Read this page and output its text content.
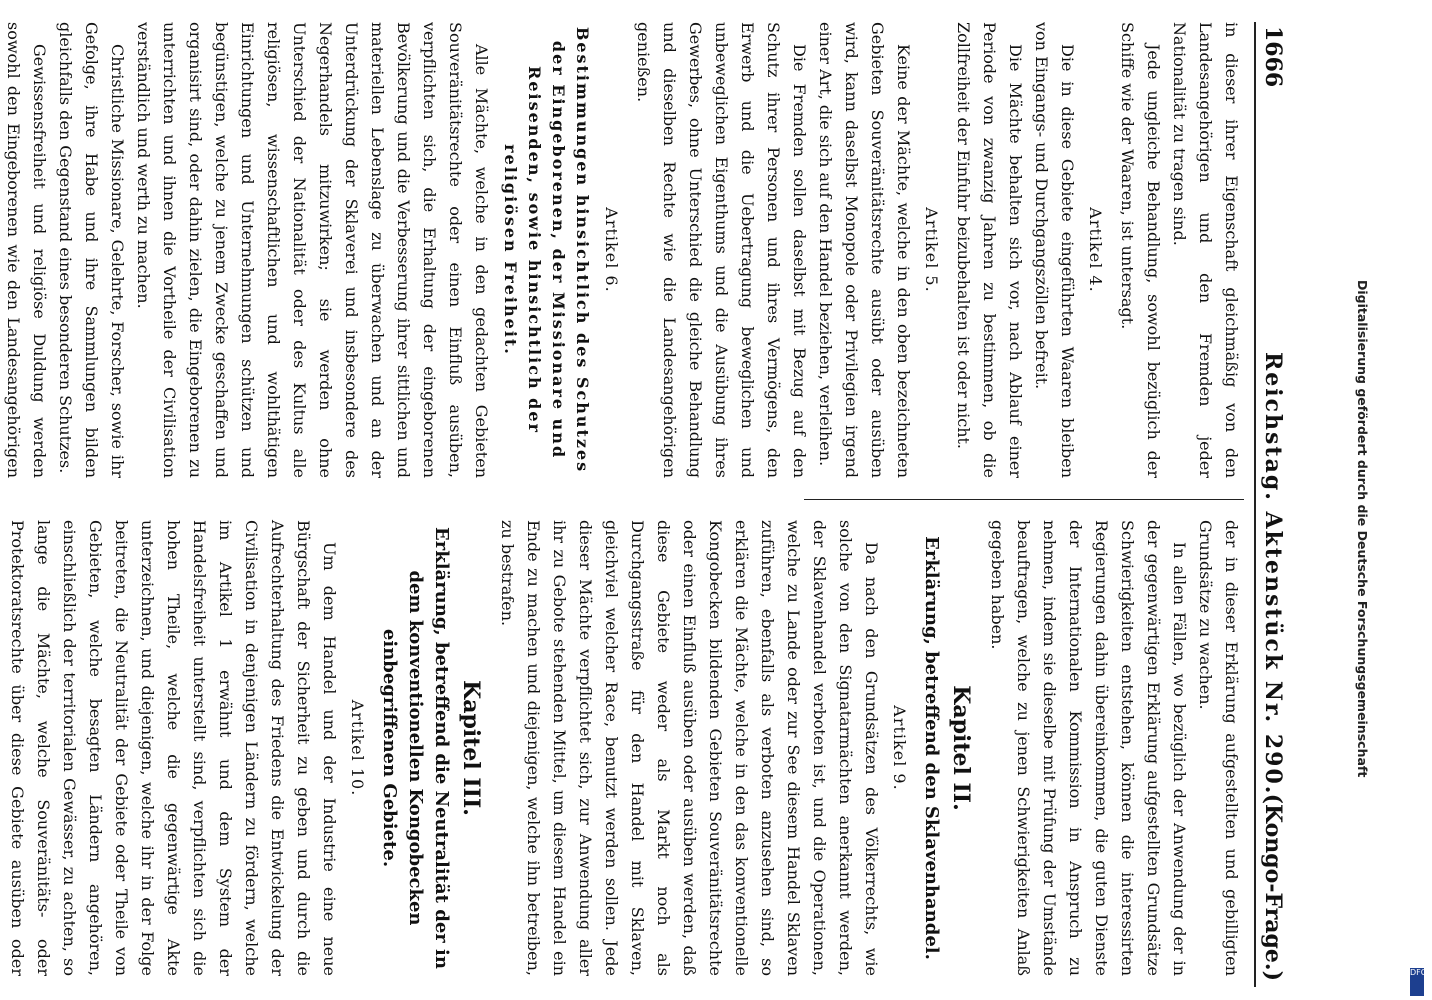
1666
Reichstag. Aktenstück Nr. 290.
(Kongo-Frage.)

in dieser ihrer Eigenschaft gleichmäßig von den Landesangehörigen und den Fremden jeder Nationalität zu tragen sind.

Jede ungleiche Behandlung, sowohl bezüglich der Schiffe wie der Waaren, ist untersagt.

Artikel 4.

Die in diese Gebiete eingeführten Waaren bleiben von Eingangs- und Durchgangszöllen befreit.

Die Mächte behalten sich vor, nach Ablauf einer Periode von zwanzig Jahren zu bestimmen, ob die Zollfreiheit der Einfuhr beizubehalten ist oder nicht.

Artikel 5.

Keine der Mächte, welche in den oben bezeichneten Gebieten Souveränitätsrechte ausübt oder ausüben wird, kann daselbst Monopole oder Privilegien irgend einer Art, die sich auf den Handel beziehen, verleihen.

Die Fremden sollen daselbst mit Bezug auf den Schutz ihrer Personen und ihres Vermögens, den Erwerb und die Uebertragung beweglichen und unbeweglichen Eigenthums und die Ausübung ihres Gewerbes, ohne Unterschied die gleiche Behandlung und dieselben Rechte wie die Landesangehörigen genießen.

Artikel 6.
Bestimmungen hinsichtlich des Schutzes der Eingeborenen, der Missionare und Reisenden, sowie hinsichtlich der religiösen Freiheit.

Alle Mächte, welche in den gedachten Gebieten Souveränitätsrechte oder einen Einfluß ausüben, verpflichten sich, die Erhaltung der eingeborenen Bevölkerung und die Verbesserung ihrer sittlichen und materiellen Lebenslage zu überwachen und an der Unterdrückung der Sklaverei und insbesondere des Negerhandels mitzuwirken; sie werden ohne Unterschied der Nationalität oder des Kultus alle religiösen, wissenschaftlichen und wohlthätigen Einrichtungen und Unternehmungen schützen und begünstigen, welche zu jenem Zwecke geschaffen und organisirt sind, oder dahin zielen, die Eingeborenen zu unterrichten und ihnen die Vortheile der Civilisation verständlich und werth zu machen.

Christliche Missionare, Gelehrte, Forscher, sowie ihr Gefolge, ihre Habe und ihre Sammlungen bilden gleichfalls den Gegenstand eines besonderen Schutzes.

Gewissensfreiheit und religiöse Duldung werden sowohl den Eingeborenen wie den Landesangehörigen

der in dieser Erklärung aufgestellten und gebilligten Grundsätze zu wachen.

In allen Fällen, wo bezüglich der Anwendung der in der gegenwärtigen Erklärung aufgestellten Grundsätze Schwierigkeiten entstehen, können die interessirten Regierungen dahin übereinkommen, die guten Dienste der Internationalen Kommission in Anspruch zu nehmen, indem sie dieselbe mit Prüfung der Umstände beauftragen, welche zu jenen Schwierigkeiten Anlaß gegeben haben.

Kapitel II.
Erklärung, betreffend den Sklavenhandel.
Artikel 9.

Da nach den Grundsätzen des Völkerrechts, wie solche von den Signatarmächten anerkannt werden, der Sklavenhandel verboten ist, und die Operationen, welche zu Lande oder zur See diesem Handel Sklaven zuführen, ebenfalls als verboten anzusehen sind, so erklären die Mächte, welche in den das konventionelle Kongobecken bildenden Gebieten Souveränitätsrechte oder einen Einfluß ausüben oder ausüben werden, daß diese Gebiete weder als Markt noch als Durchgangsstraße für den Handel mit Sklaven, gleichviel welcher Race, benutzt werden sollen. Jede dieser Mächte verpflichtet sich, zur Anwendung aller ihr zu Gebote stehenden Mittel, um diesem Handel ein Ende zu machen und diejenigen, welche ihn betreiben, zu bestrafen.

Kapitel III.
Erklärung, betreffend die Neutralität der in dem konventionellen Kongobecken einbegriffenen Gebiete.
Artikel 10.

Um dem Handel und der Industrie eine neue Bürgschaft der Sicherheit zu geben und durch die Aufrechterhaltung des Friedens die Entwickelung der Civilisation in denjenigen Ländern zu fördern, welche im Artikel 1 erwähnt und dem System der Handelsfreiheit unterstellt sind, verpflichten sich die hohen Theile, welche die gegenwärtige Akte unterzeichnen, und diejenigen, welche ihr in der Folge beitreten, die Neutralität der Gebiete oder Theile von Gebieten, welche besagten Ländern angehören, einschließlich der territorialen Gewässer, zu achten, so lange die Mächte, welche Souveränitäts- oder Protektoratsrechte über diese Gebiete ausüben oder

Digitalisierung gefördert durch die Deutsche Forschungsgemeinschaft
DFG
